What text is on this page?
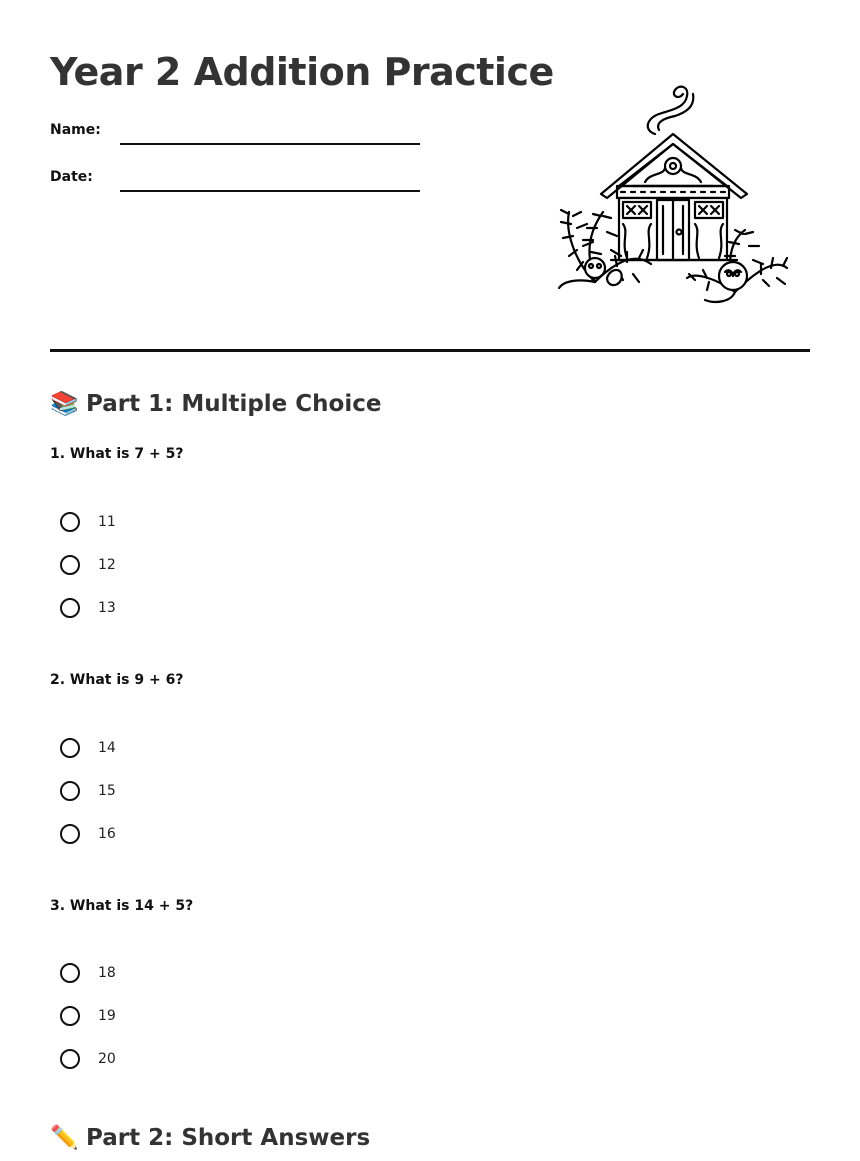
Year 2 Addition Practice
Name:
Date:
📚 Part 1: Multiple Choice

1. What is 7 + 5?

11
12
13

2. What is 9 + 6?

14
15
16

3. What is 14 + 5?

18
19
20
✏️ Part 2: Short Answers
